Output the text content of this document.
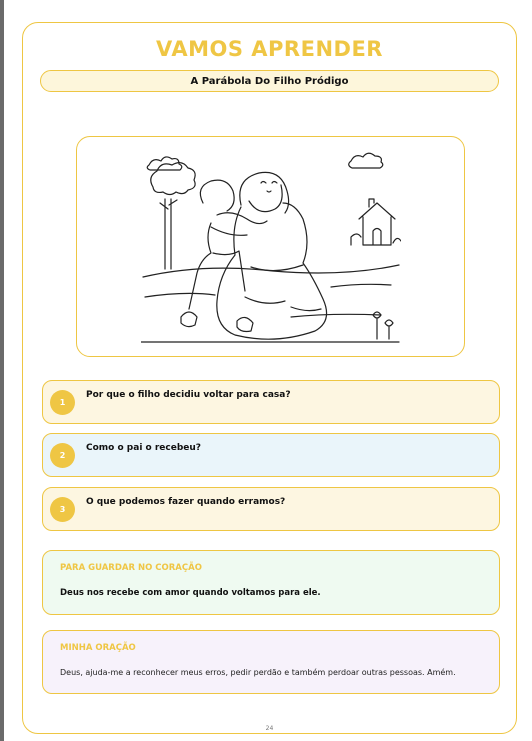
VAMOS APRENDER
A Parábola Do Filho Pródigo
1
Por que o filho decidiu voltar para casa?
2
Como o pai o recebeu?
3
O que podemos fazer quando erramos?
PARA GUARDAR NO CORAÇÃO
Deus nos recebe com amor quando voltamos para ele.
MINHA ORAÇÃO
Deus, ajuda-me a reconhecer meus erros, pedir perdão e também perdoar outras pessoas. Amém.
24
